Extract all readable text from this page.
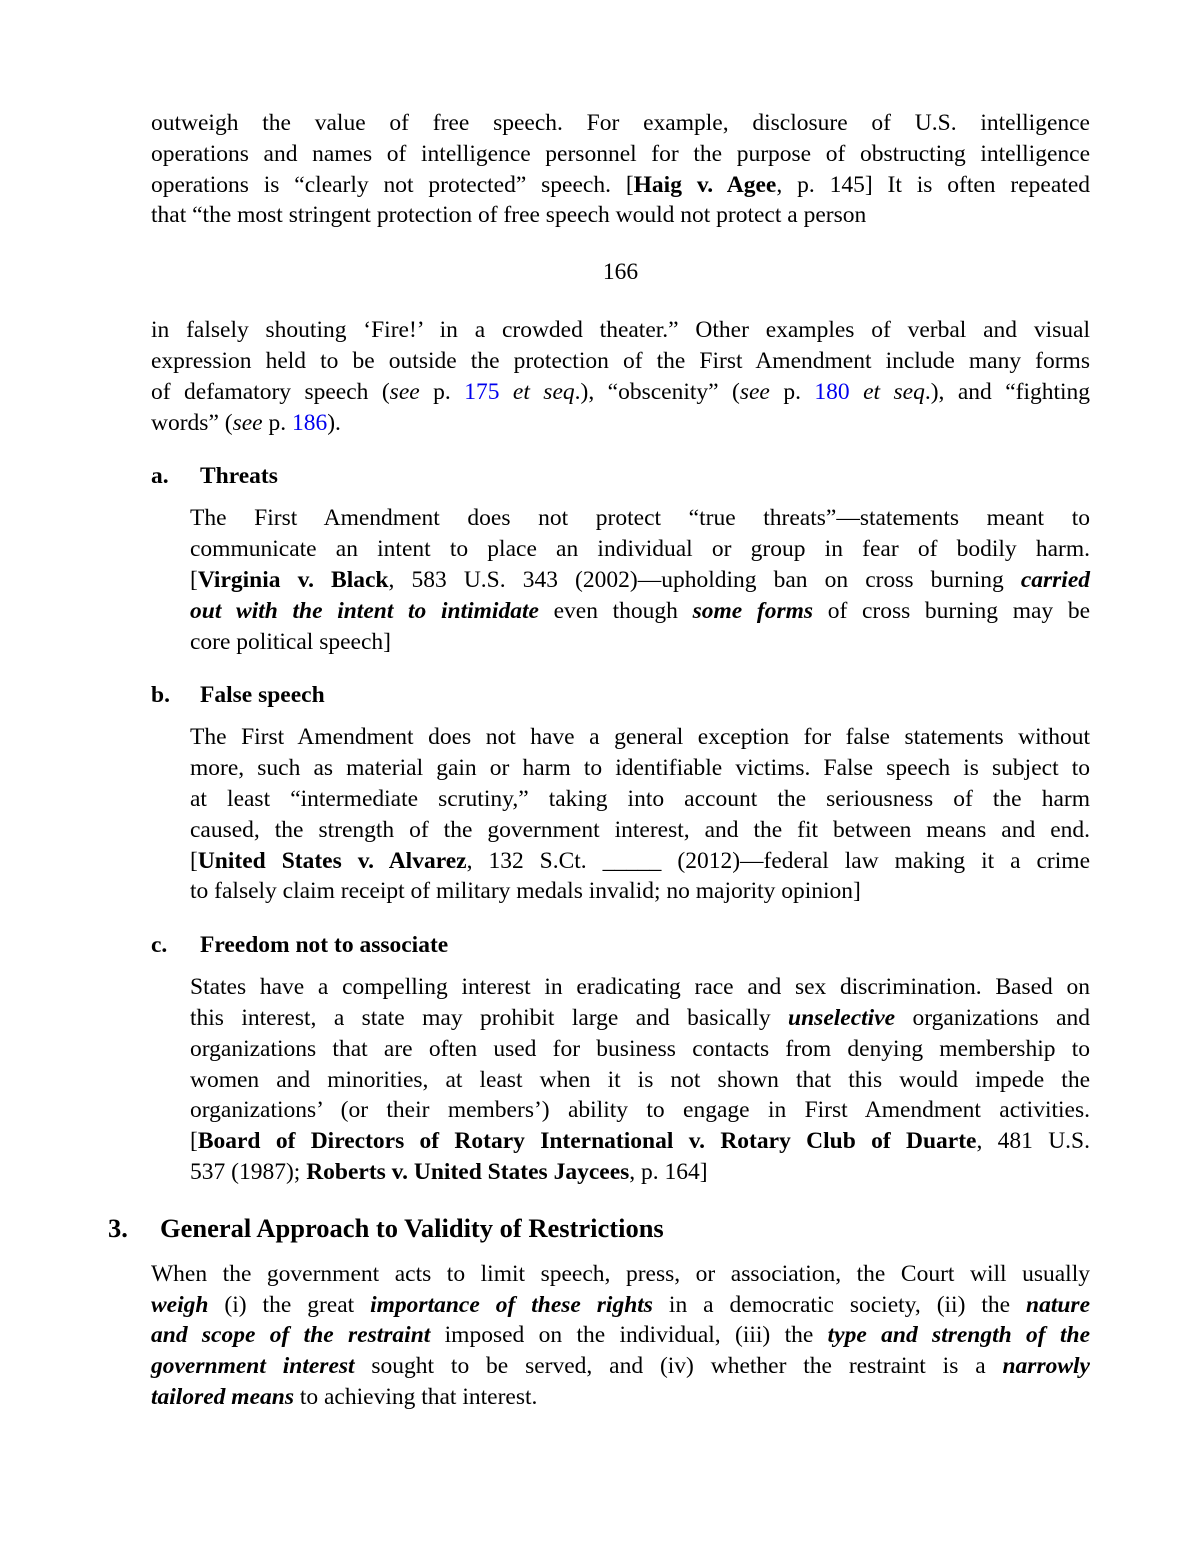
outweigh the value of free speech. For example, disclosure of U.S. intelligence
operations and names of intelligence personnel for the purpose of obstructing intelligence
operations is “clearly not protected” speech. [Haig v. Agee, p. 145] It is often repeated
that “the most stringent protection of free speech would not protect a person
166
in falsely shouting ‘Fire!’ in a crowded theater.” Other examples of verbal and visual
expression held to be outside the protection of the First Amendment include many forms
of defamatory speech (see p. 175 et seq.), “obscenity” (see p. 180 et seq.), and “fighting
words” (see p. 186).
a.	Threats
The First Amendment does not protect “true threats”—statements meant to
communicate an intent to place an individual or group in fear of bodily harm.
[Virginia v. Black, 583 U.S. 343 (2002)—upholding ban on cross burning carried
out with the intent to intimidate even though some forms of cross burning may be
core political speech]
b.	False speech
The First Amendment does not have a general exception for false statements without
more, such as material gain or harm to identifiable victims. False speech is subject to
at least “intermediate scrutiny,” taking into account the seriousness of the harm
caused, the strength of the government interest, and the fit between means and end.
[United States v. Alvarez, 132 S.Ct. _____ (2012)—federal law making it a crime
to falsely claim receipt of military medals invalid; no majority opinion]
c.	Freedom not to associate
States have a compelling interest in eradicating race and sex discrimination. Based on
this interest, a state may prohibit large and basically unselective organizations and
organizations that are often used for business contacts from denying membership to
women and minorities, at least when it is not shown that this would impede the
organizations’ (or their members’) ability to engage in First Amendment activities.
[Board of Directors of Rotary International v. Rotary Club of Duarte, 481 U.S.
537 (1987); Roberts v. United States Jaycees, p. 164]
3.	General Approach to Validity of Restrictions
When the government acts to limit speech, press, or association, the Court will usually
weigh (i) the great importance of these rights in a democratic society, (ii) the nature
and scope of the restraint imposed on the individual, (iii) the type and strength of the
government interest sought to be served, and (iv) whether the restraint is a narrowly
tailored means to achieving that interest.
